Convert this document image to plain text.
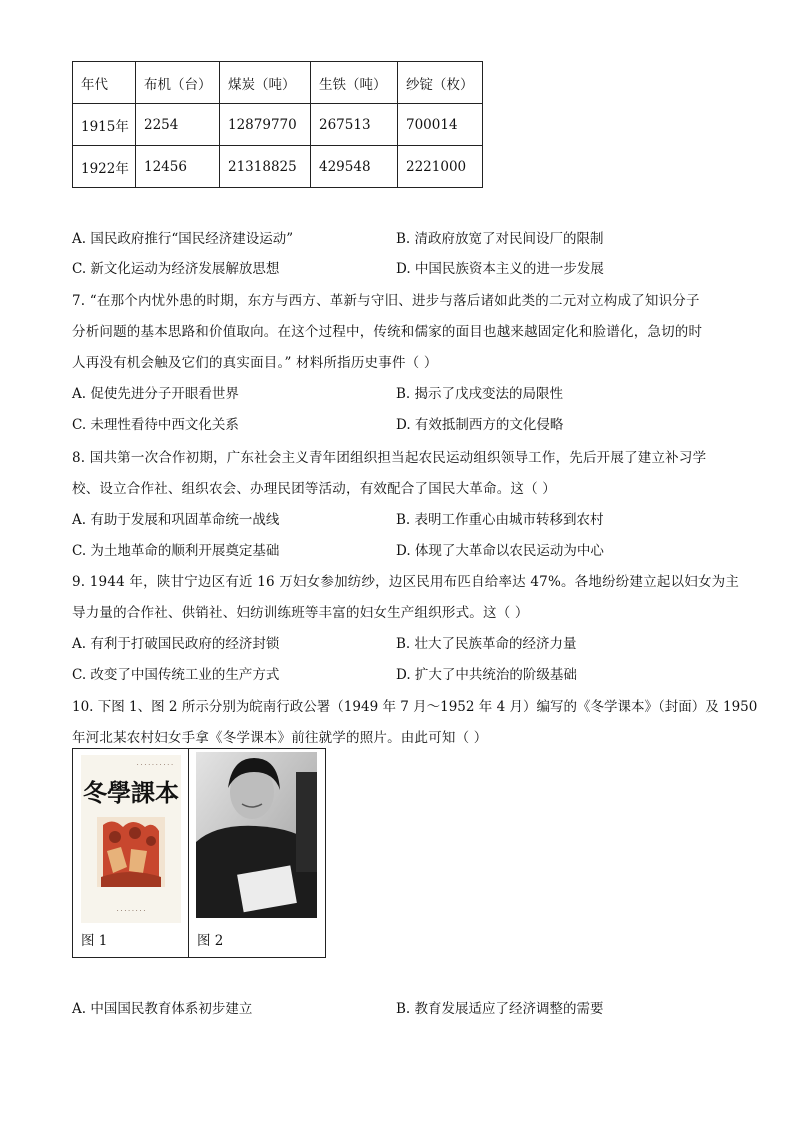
年代	布机（台）	煤炭（吨）	生铁（吨）	纱锭（枚）
1915年	2254	12879770	267513	700014
1922年	12456	21318825	429548	2221000
A. 国民政府推行“国民经济建设运动”	B. 清政府放宽了对民间设厂的限制
C. 新文化运动为经济发展解放思想	D. 中国民族资本主义的进一步发展
7. “在那个内忧外患的时期，东方与西方、革新与守旧、进步与落后诸如此类的二元对立构成了知识分子
分析问题的基本思路和价值取向。在这个过程中，传统和儒家的面目也越来越固定化和脸谱化，急切的时
人再没有机会触及它们的真实面目。” 材料所指历史事件（ ）
A. 促使先进分子开眼看世界	B. 揭示了戊戌变法的局限性
C. 未理性看待中西文化关系	D. 有效抵制西方的文化侵略
8. 国共第一次合作初期，广东社会主义青年团组织担当起农民运动组织领导工作，先后开展了建立补习学
校、设立合作社、组织农会、办理民团等活动，有效配合了国民大革命。这（ ）
A. 有助于发展和巩固革命统一战线	B. 表明工作重心由城市转移到农村
C. 为土地革命的顺利开展奠定基础	D. 体现了大革命以农民运动为中心
9. 1944 年，陕甘宁边区有近 16 万妇女参加纺纱，边区民用布匹自给率达 47%。各地纷纷建立起以妇女为主
导力量的合作社、供销社、妇纺训练班等丰富的妇女生产组织形式。这（ ）
A. 有利于打破国民政府的经济封锁	B. 壮大了民族革命的经济力量
C. 改变了中国传统工业的生产方式	D. 扩大了中共统治的阶级基础
10. 下图 1、图 2 所示分别为皖南行政公署（1949 年 7 月～1952 年 4 月）编写的《冬学课本》（封面）及 1950
年河北某农村妇女手拿《冬学课本》前往就学的照片。由此可知（ ）
· · · · · · · · · ·
冬學課本
· · · · · · · ·
图 1	图 2
A. 中国国民教育体系初步建立	B. 教育发展适应了经济调整的需要
